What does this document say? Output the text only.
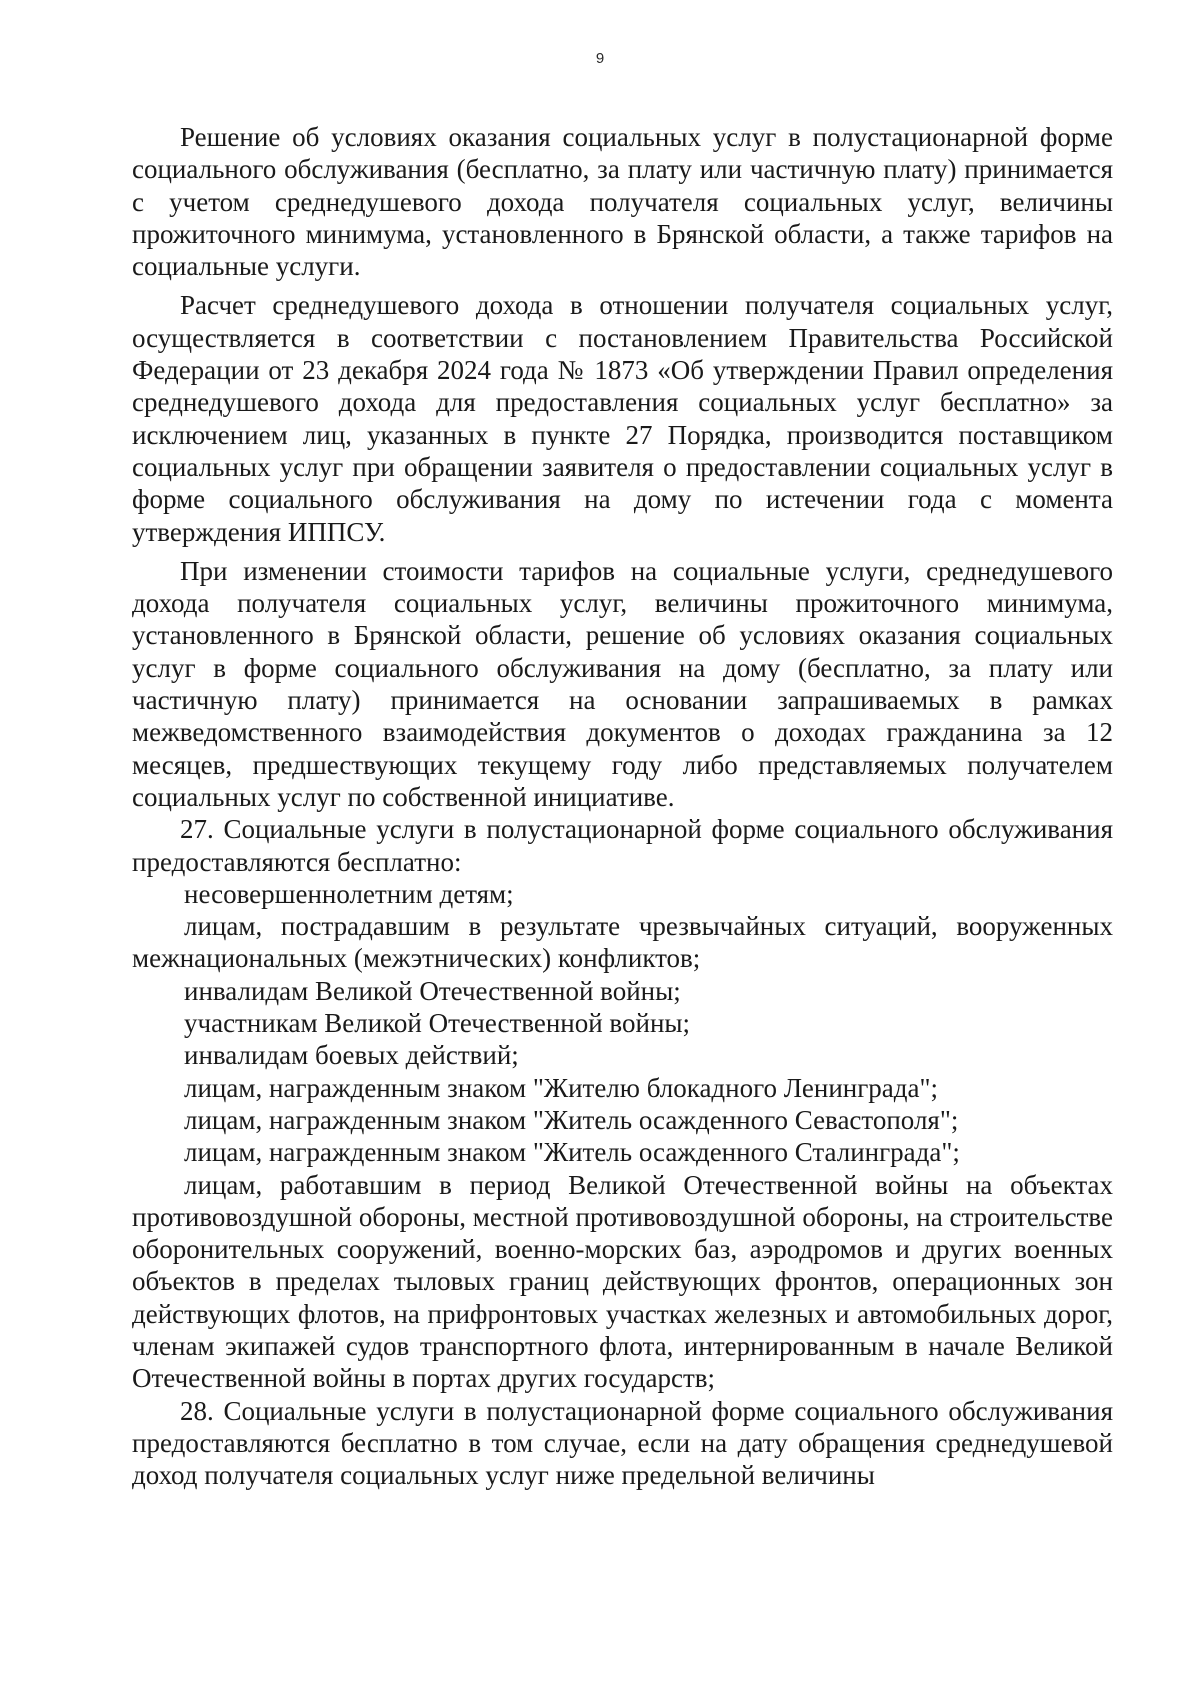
9

Решение об условиях оказания социальных услуг в полустационарной форме социального обслуживания (бесплатно, за плату или частичную плату) принимается с учетом среднедушевого дохода получателя социальных услуг, величины прожиточного минимума, установленного в Брянской области, а также тарифов на социальные услуги.

Расчет среднедушевого дохода в отношении получателя социальных услуг, осуществляется в соответствии с постановлением Правительства Российской Федерации от 23 декабря 2024 года № 1873 «Об утверждении Правил определения среднедушевого дохода для предоставления социальных услуг бесплатно» за исключением лиц, указанных в пункте 27 Порядка, производится поставщиком социальных услуг при обращении заявителя о предоставлении социальных услуг в форме социального обслуживания на дому по истечении года с момента утверждения ИППСУ.

При изменении стоимости тарифов на социальные услуги, среднедушевого дохода получателя социальных услуг, величины прожиточного минимума, установленного в Брянской области, решение об условиях оказания социальных услуг в форме социального обслуживания на дому (бесплатно, за плату или частичную плату) принимается на основании запрашиваемых в рамках межведомственного взаимодействия документов о доходах гражданина за 12 месяцев, предшествующих текущему году либо представляемых получателем социальных услуг по собственной инициативе.

27. Социальные услуги в полустационарной форме социального обслуживания предоставляются бесплатно:

несовершеннолетним детям;

лицам, пострадавшим в результате чрезвычайных ситуаций, вооруженных межнациональных (межэтнических) конфликтов;

инвалидам Великой Отечественной войны;

участникам Великой Отечественной войны;

инвалидам боевых действий;

лицам, награжденным знаком "Жителю блокадного Ленинграда";

лицам, награжденным знаком "Житель осажденного Севастополя";

лицам, награжденным знаком "Житель осажденного Сталинграда";

лицам, работавшим в период Великой Отечественной войны на объектах противовоздушной обороны, местной противовоздушной обороны, на строительстве оборонительных сооружений, военно-морских баз, аэродромов и других военных объектов в пределах тыловых границ действующих фронтов, операционных зон действующих флотов, на прифронтовых участках железных и автомобильных дорог, членам экипажей судов транспортного флота, интернированным в начале Великой Отечественной войны в портах других государств;

28. Социальные услуги в полустационарной форме социального обслуживания предоставляются бесплатно в том случае, если на дату обращения среднедушевой доход получателя социальных услуг ниже предельной величины
